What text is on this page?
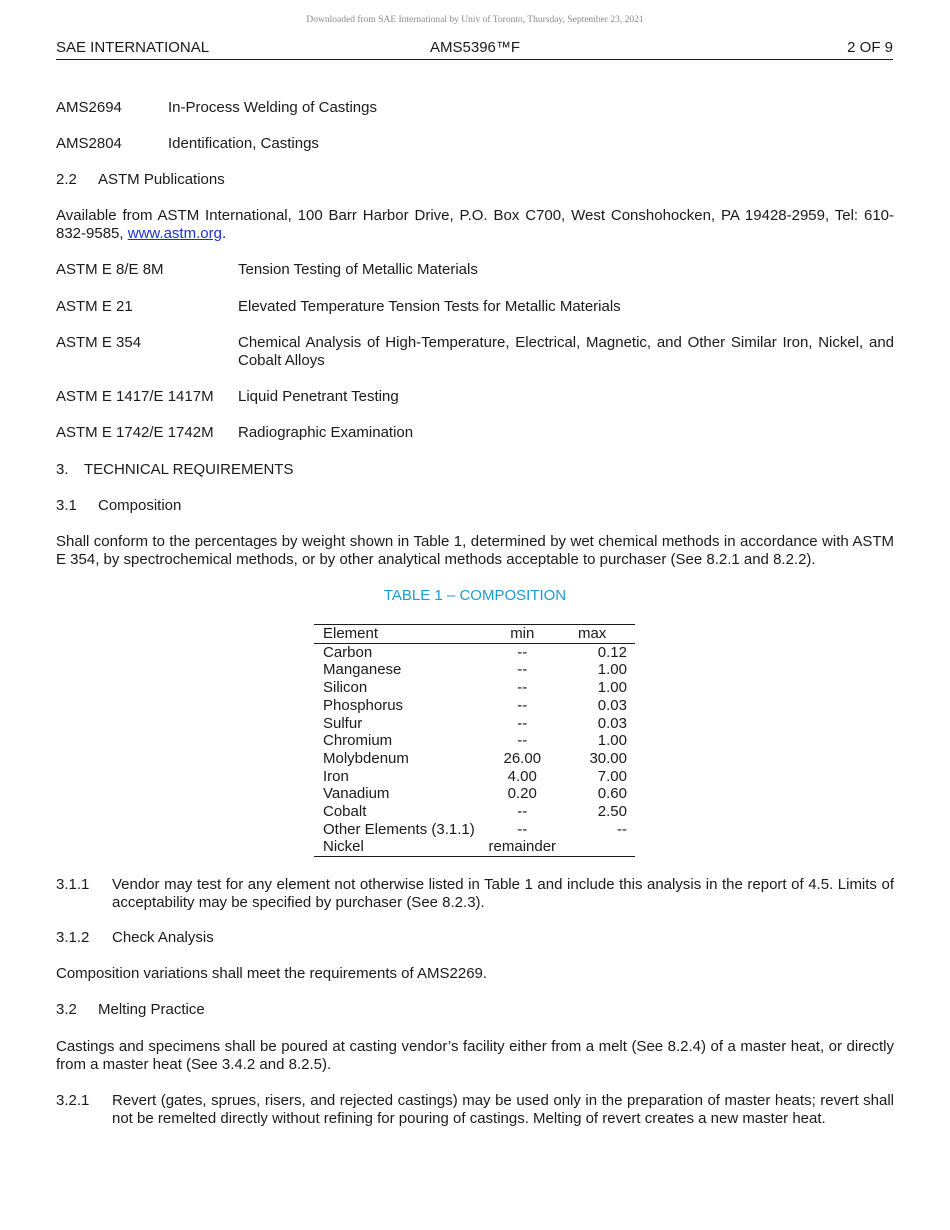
Downloaded from SAE International by Univ of Toronto, Thursday, September 23, 2021
SAE INTERNATIONAL	AMS5396™F	2 OF 9
AMS2694	In-Process Welding of Castings
AMS2804	Identification, Castings
2.2 ASTM Publications
Available from ASTM International, 100 Barr Harbor Drive, P.O. Box C700, West Conshohocken, PA 19428-2959, Tel: 610-832-9585, www.astm.org.
ASTM E 8/E 8M	Tension Testing of Metallic Materials
ASTM E 21	Elevated Temperature Tension Tests for Metallic Materials
ASTM E 354	Chemical Analysis of High-Temperature, Electrical, Magnetic, and Other Similar Iron, Nickel, and Cobalt Alloys
ASTM E 1417/E 1417M Liquid Penetrant Testing
ASTM E 1742/E 1742M Radiographic Examination
3. TECHNICAL REQUIREMENTS
3.1 Composition
Shall conform to the percentages by weight shown in Table 1, determined by wet chemical methods in accordance with ASTM E 354, by spectrochemical methods, or by other analytical methods acceptable to purchaser (See 8.2.1 and 8.2.2).
TABLE 1 – COMPOSITION
Element	min	max
Carbon	--	0.12
Manganese	--	1.00
Silicon	--	1.00
Phosphorus	--	0.03
Sulfur	--	0.03
Chromium	--	1.00
Molybdenum	26.00	30.00
Iron	4.00	7.00
Vanadium	0.20	0.60
Cobalt	--	2.50
Other Elements (3.1.1)	--	--
Nickel	remainder	
3.1.1 Vendor may test for any element not otherwise listed in Table 1 and include this analysis in the report of 4.5. Limits of acceptability may be specified by purchaser (See 8.2.3).
3.1.2 Check Analysis
Composition variations shall meet the requirements of AMS2269.
3.2 Melting Practice
Castings and specimens shall be poured at casting vendor’s facility either from a melt (See 8.2.4) of a master heat, or directly from a master heat (See 3.4.2 and 8.2.5).
3.2.1 Revert (gates, sprues, risers, and rejected castings) may be used only in the preparation of master heats; revert shall not be remelted directly without refining for pouring of castings. Melting of revert creates a new master heat.
